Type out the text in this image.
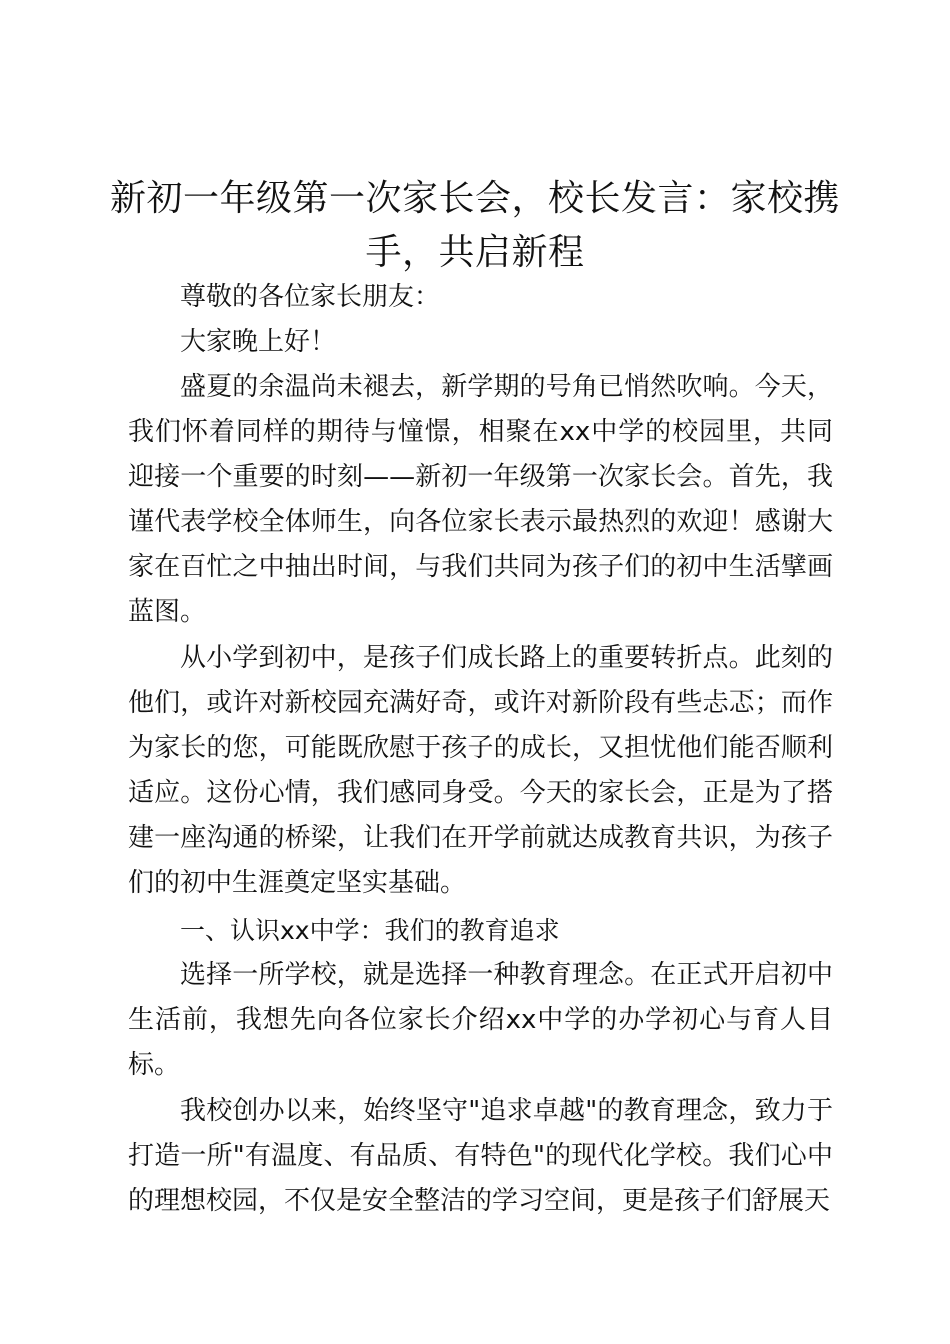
新初一年级第一次家长会，校长发言：家校携手，共启新程

尊敬的各位家长朋友：

大家晚上好！

盛夏的余温尚未褪去，新学期的号角已悄然吹响。今天，我们怀着同样的期待与憧憬，相聚在xx中学的校园里，共同迎接一个重要的时刻——新初一年级第一次家长会。首先，我谨代表学校全体师生，向各位家长表示最热烈的欢迎！感谢大家在百忙之中抽出时间，与我们共同为孩子们的初中生活擘画蓝图。

从小学到初中，是孩子们成长路上的重要转折点。此刻的他们，或许对新校园充满好奇，或许对新阶段有些忐忑；而作为家长的您，可能既欣慰于孩子的成长，又担忧他们能否顺利适应。这份心情，我们感同身受。今天的家长会，正是为了搭建一座沟通的桥梁，让我们在开学前就达成教育共识，为孩子们的初中生涯奠定坚实基础。

一、认识xx中学：我们的教育追求

选择一所学校，就是选择一种教育理念。在正式开启初中生活前，我想先向各位家长介绍xx中学的办学初心与育人目标。

我校创办以来，始终坚守"追求卓越"的教育理念，致力于打造一所"有温度、有品质、有特色"的现代化学校。我们心中的理想校园，不仅是安全整洁的学习空间，更是孩子们舒展天
